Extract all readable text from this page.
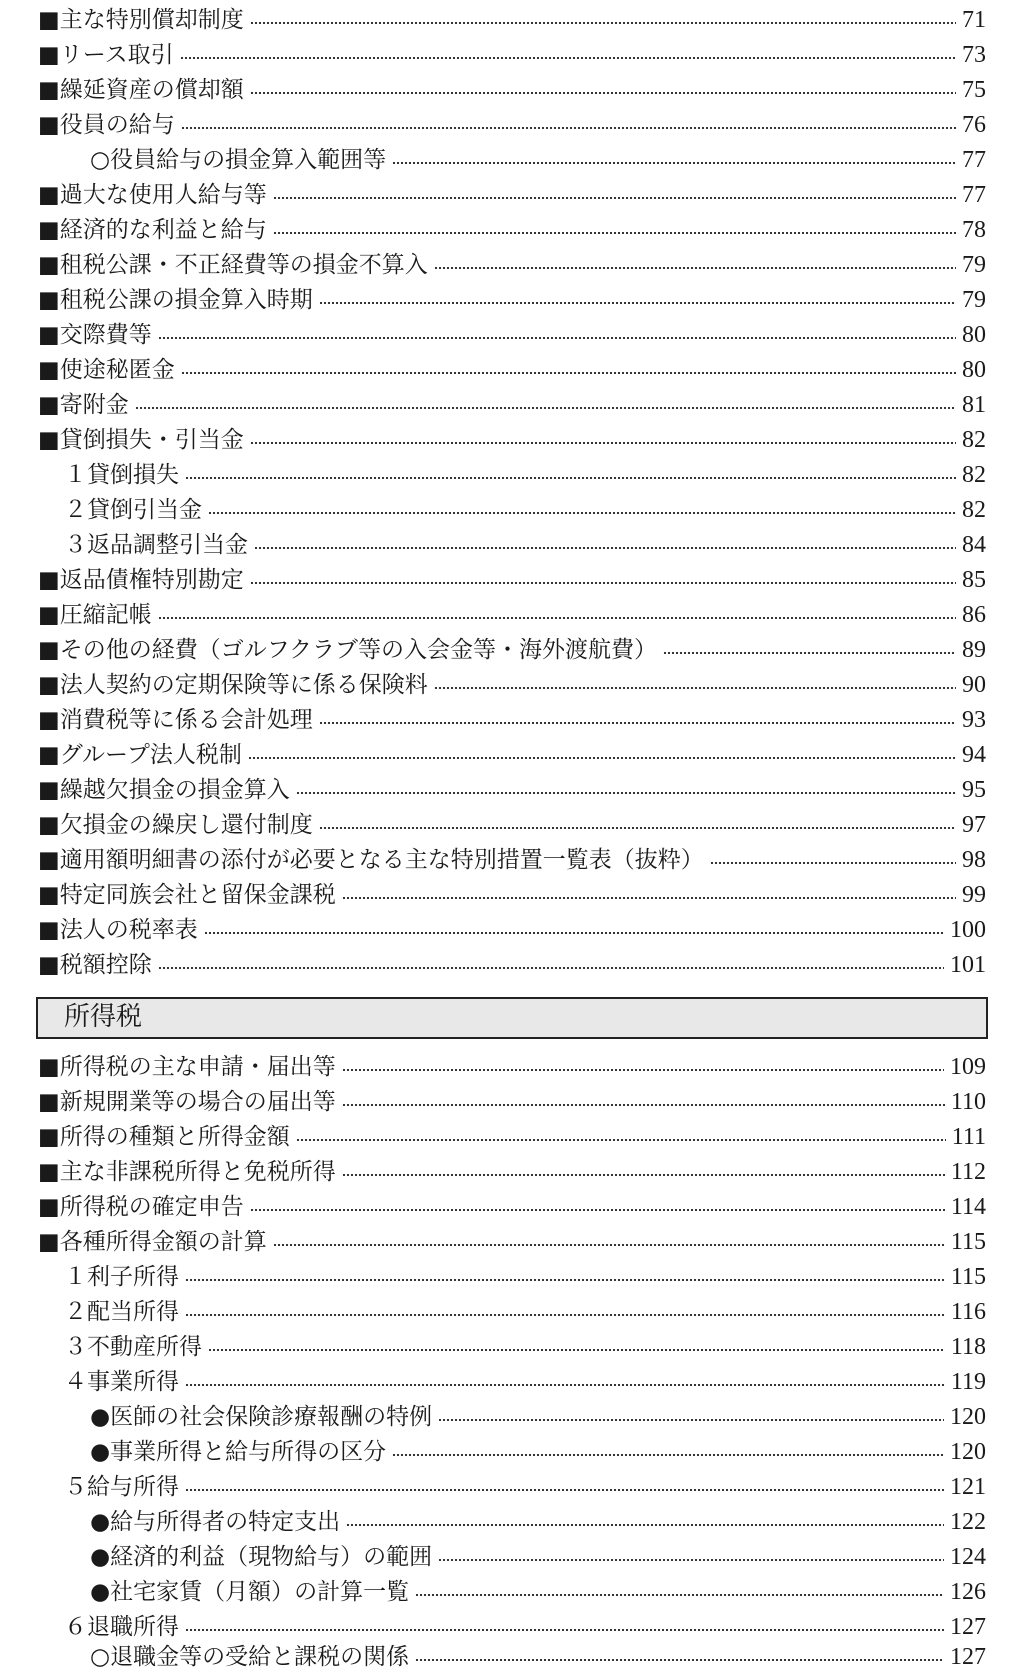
■主な特別償却制度	71
■リース取引	73
■繰延資産の償却額	75
■役員の給与	76
○役員給与の損金算入範囲等	77
■過大な使用人給与等	77
■経済的な利益と給与	78
■租税公課・不正経費等の損金不算入	79
■租税公課の損金算入時期	79
■交際費等	80
■使途秘匿金	80
■寄附金	81
■貸倒損失・引当金	82
１貸倒損失	82
２貸倒引当金	82
３返品調整引当金	84
■返品債権特別勘定	85
■圧縮記帳	86
■その他の経費（ゴルフクラブ等の入会金等・海外渡航費）	89
■法人契約の定期保険等に係る保険料	90
■消費税等に係る会計処理	93
■グループ法人税制	94
■繰越欠損金の損金算入	95
■欠損金の繰戻し還付制度	97
■適用額明細書の添付が必要となる主な特別措置一覧表（抜粋）	98
■特定同族会社と留保金課税	99
■法人の税率表	100
■税額控除	101
所得税
■所得税の主な申請・届出等	109
■新規開業等の場合の届出等	110
■所得の種類と所得金額	111
■主な非課税所得と免税所得	112
■所得税の確定申告	114
■各種所得金額の計算	115
１利子所得	115
２配当所得	116
３不動産所得	118
４事業所得	119
●医師の社会保険診療報酬の特例	120
●事業所得と給与所得の区分	120
５給与所得	121
●給与所得者の特定支出	122
●経済的利益（現物給与）の範囲	124
●社宅家賃（月額）の計算一覧	126
６退職所得	127
○退職金等の受給と課税の関係	127
